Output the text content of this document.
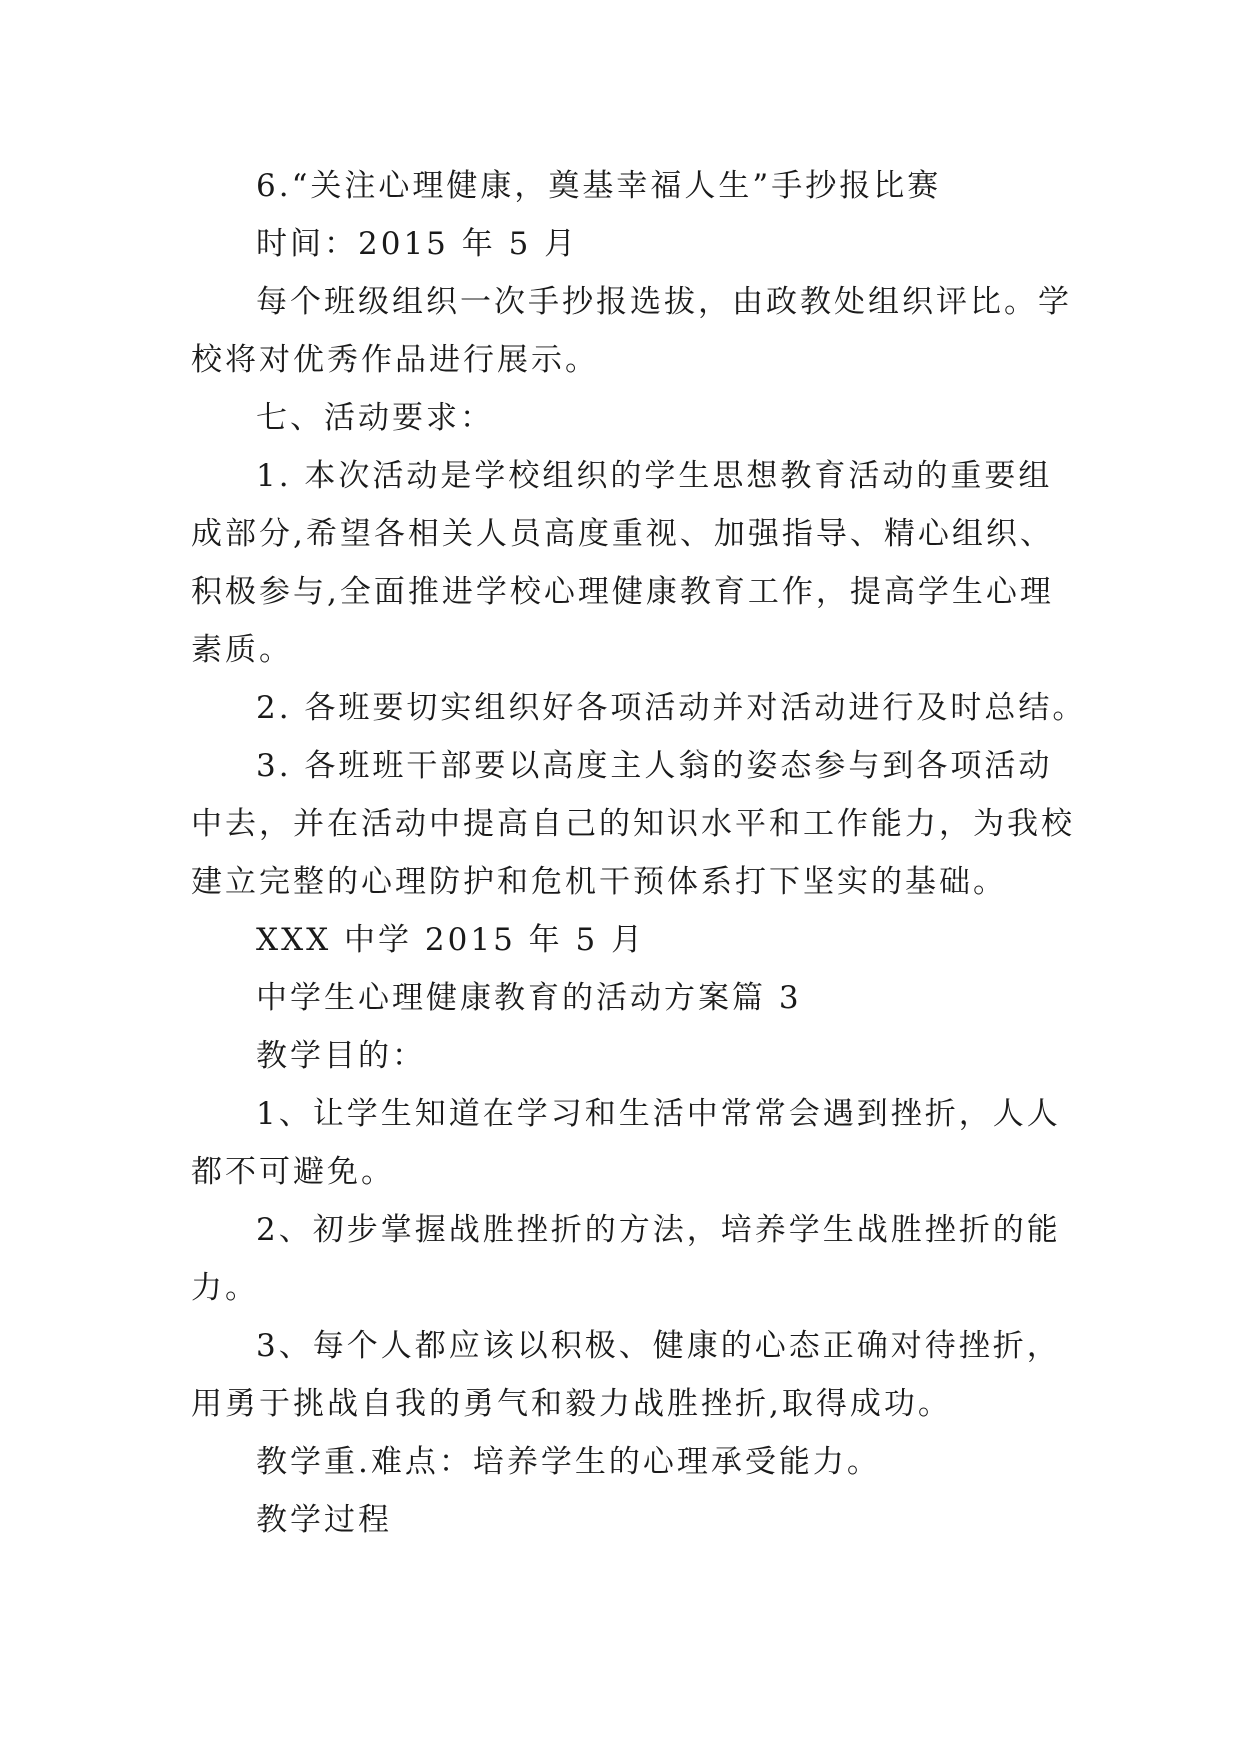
6.“关注心理健康，奠基幸福人生”手抄报比赛
时间：2015 年 5 月
每个班级组织一次手抄报选拔，由政教处组织评比。学
校将对优秀作品进行展示。
七、活动要求：
1. 本次活动是学校组织的学生思想教育活动的重要组
成部分,希望各相关人员高度重视、加强指导、精心组织、
积极参与,全面推进学校心理健康教育工作，提高学生心理
素质。
2. 各班要切实组织好各项活动并对活动进行及时总结。
3. 各班班干部要以高度主人翁的姿态参与到各项活动
中去，并在活动中提高自己的知识水平和工作能力，为我校
建立完整的心理防护和危机干预体系打下坚实的基础。
XXX 中学 2015 年 5 月
中学生心理健康教育的活动方案篇 3
教学目的：
1、让学生知道在学习和生活中常常会遇到挫折，人人
都不可避免。
2、初步掌握战胜挫折的方法，培养学生战胜挫折的能
力。
3、每个人都应该以积极、健康的心态正确对待挫折，
用勇于挑战自我的勇气和毅力战胜挫折,取得成功。
教学重.难点：培养学生的心理承受能力。
教学过程
